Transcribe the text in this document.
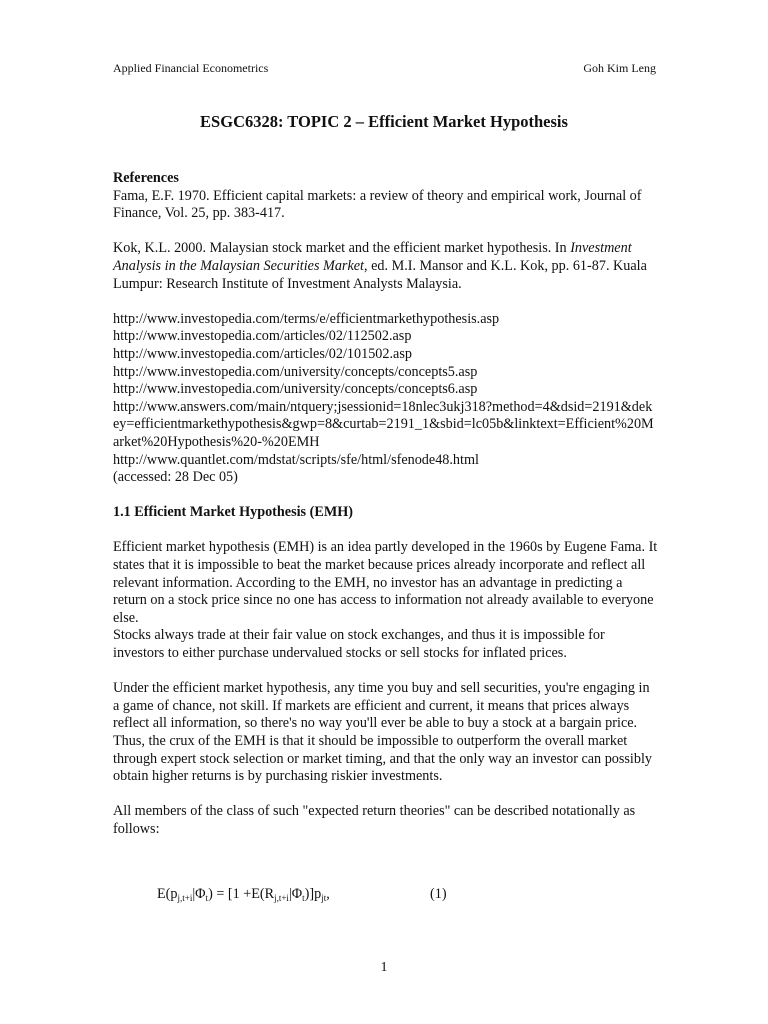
Applied Financial Econometrics	Goh Kim Leng
ESGC6328: TOPIC 2 – Efficient Market Hypothesis

References

Fama, E.F. 1970. Efficient capital markets: a review of theory and empirical work, Journal of Finance, Vol. 25, pp. 383-417.

Kok, K.L. 2000. Malaysian stock market and the efficient market hypothesis. In Investment Analysis in the Malaysian Securities Market, ed. M.I. Mansor and K.L. Kok, pp. 61-87. Kuala Lumpur: Research Institute of Investment Analysts Malaysia.

http://www.investopedia.com/terms/e/efficientmarkethypothesis.asp
http://www.investopedia.com/articles/02/112502.asp
http://www.investopedia.com/articles/02/101502.asp
http://www.investopedia.com/university/concepts/concepts5.asp
http://www.investopedia.com/university/concepts/concepts6.asp
http://www.answers.com/main/ntquery;jsessionid=18nlec3ukj318?method=4&dsid=2191&dekey=efficientmarkethypothesis&gwp=8&curtab=2191_1&sbid=lc05b&linktext=Efficient%20Market%20Hypothesis%20-%20EMH
http://www.quantlet.com/mdstat/scripts/sfe/html/sfenode48.html
(accessed: 28 Dec 05)

1.1 Efficient Market Hypothesis (EMH)

Efficient market hypothesis (EMH) is an idea partly developed in the 1960s by Eugene Fama. It states that it is impossible to beat the market because prices already incorporate and reflect all relevant information. According to the EMH, no investor has an advantage in predicting a return on a stock price since no one has access to information not already available to everyone else.

Stocks always trade at their fair value on stock exchanges, and thus it is impossible for investors to either purchase undervalued stocks or sell stocks for inflated prices.

Under the efficient market hypothesis, any time you buy and sell securities, you're engaging in a game of chance, not skill. If markets are efficient and current, it means that prices always reflect all information, so there's no way you'll ever be able to buy a stock at a bargain price. Thus, the crux of the EMH is that it should be impossible to outperform the overall market through expert stock selection or market timing, and that the only way an investor can possibly obtain higher returns is by purchasing riskier investments.

All members of the class of such "expected return theories" can be described notationally as follows:

$E(p_{j,t+i}|\Phi_t) = [1 +E(R_{j,t+i}|\Phi_t)]p_{jt}$,	(1)
1
